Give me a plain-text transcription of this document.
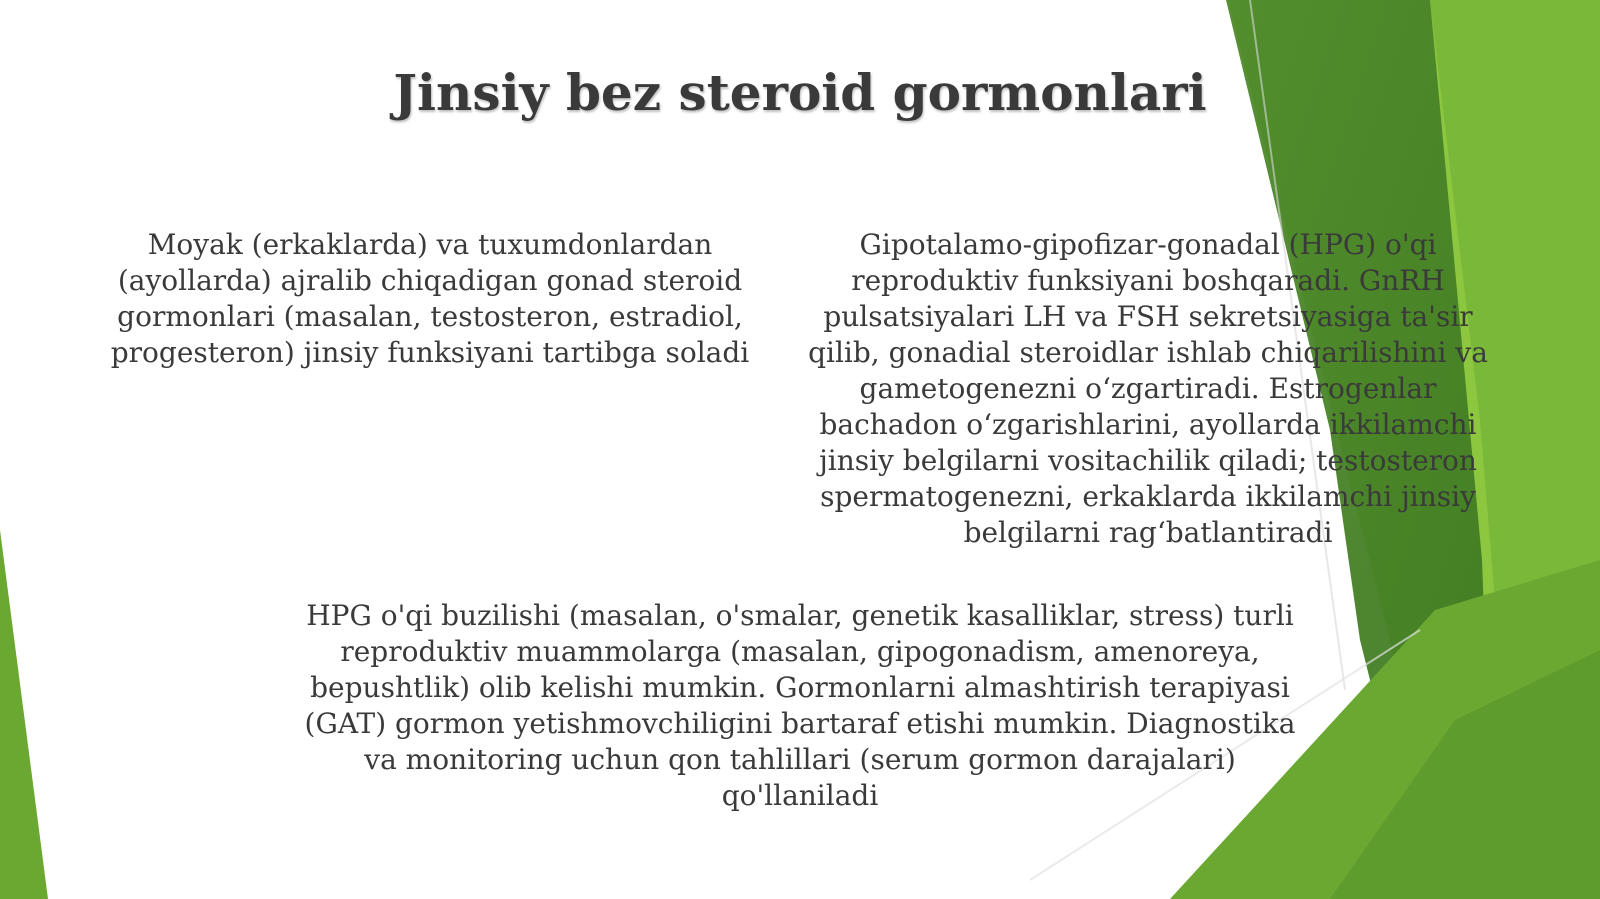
Jinsiy bez steroid gormonlari

Moyak (erkaklarda) va tuxumdonlardan (ayollarda) ajralib chiqadigan gonad steroid gormonlari (masalan, testosteron, estradiol, progesteron) jinsiy funksiyani tartibga soladi

Gipotalamo-gipofizar-gonadal (HPG) o'qi reproduktiv funksiyani boshqaradi. GnRH pulsatsiyalari LH va FSH sekretsiyasiga ta'sir qilib, gonadial steroidlar ishlab chiqarilishini va gametogenezni o‘zgartiradi. Estrogenlar bachadon o‘zgarishlarini, ayollarda ikkilamchi jinsiy belgilarni vositachilik qiladi; testosteron spermatogenezni, erkaklarda ikkilamchi jinsiy belgilarni rag‘batlantiradi

HPG o'qi buzilishi (masalan, o'smalar, genetik kasalliklar, stress) turli reproduktiv muammolarga (masalan, gipogonadism, amenoreya, bepushtlik) olib kelishi mumkin. Gormonlarni almashtirish terapiyasi (GAT) gormon yetishmovchiligini bartaraf etishi mumkin. Diagnostika va monitoring uchun qon tahlillari (serum gormon darajalari) qo'llaniladi
